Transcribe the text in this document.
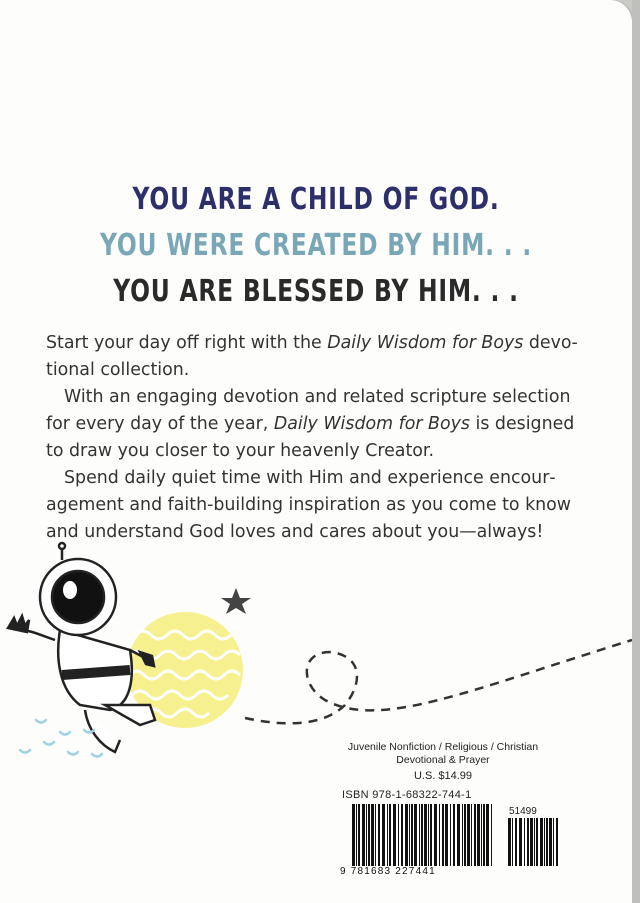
YOU ARE A CHILD OF GOD.
YOU WERE CREATED BY HIM. . .
YOU ARE BLESSED BY HIM. . .

Start your day off right with the Daily Wisdom for Boys devotional collection.

With an engaging devotion and related scripture selection for every day of the year, Daily Wisdom for Boys is designed to draw you closer to your heavenly Creator.

Spend daily quiet time with Him and experience encouragement and faith-building inspiration as you come to know and understand God loves and cares about you—always!

Juvenile Nonfiction / Religious / Christian Devotional & Prayer
U.S. $14.99
ISBN 978-1-68322-744-1
51499
9 781683 227441
